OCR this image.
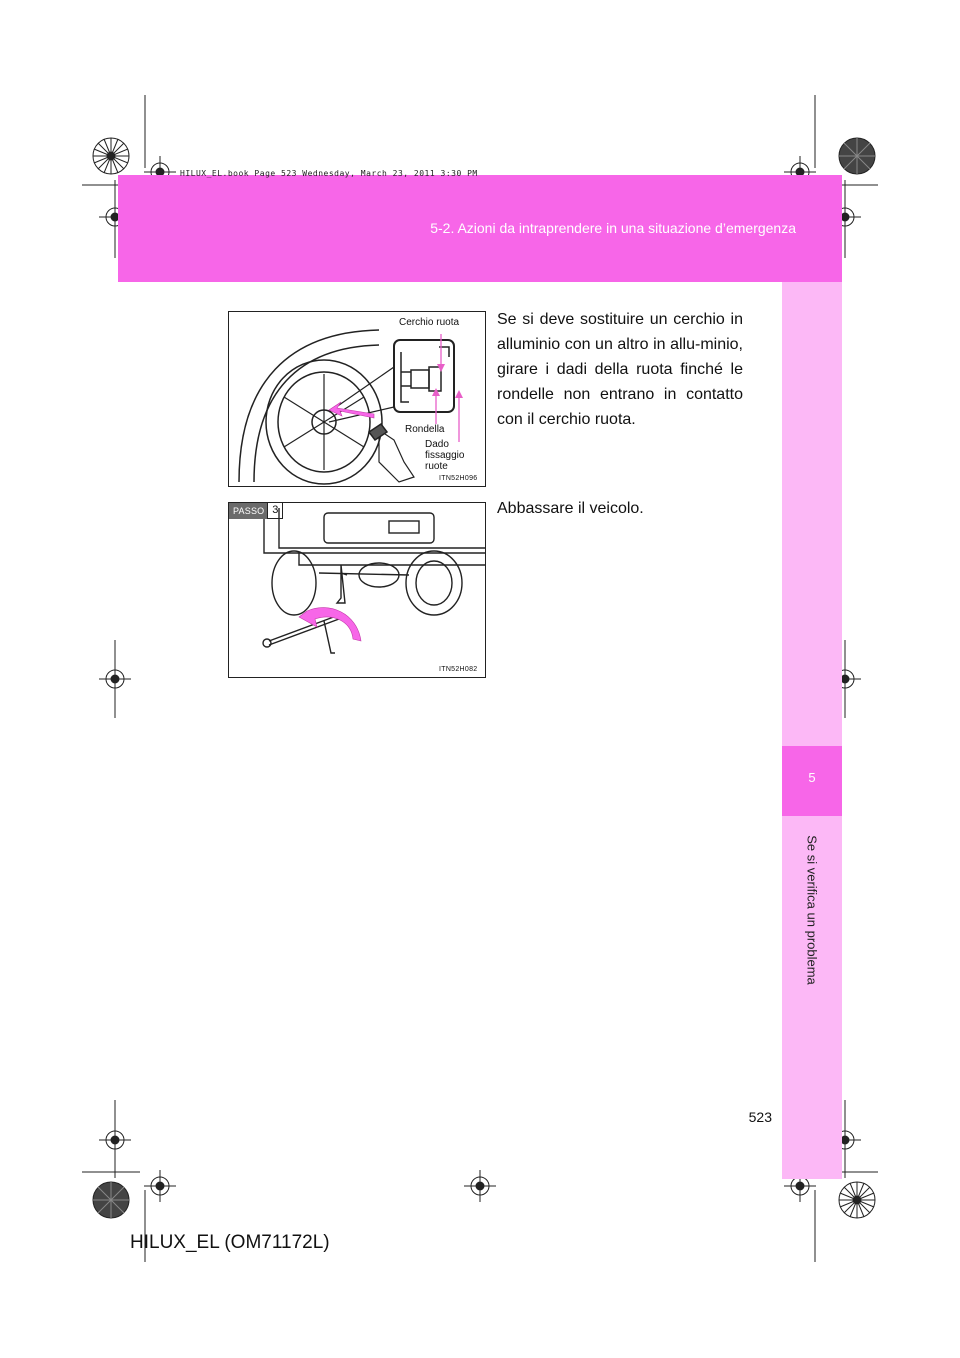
HILUX_EL.book Page 523 Wednesday, March 23, 2011 3:30 PM
5-2. Azioni da intraprendere in una situazione d’emergenza
5
Se si verifica un problema
Cerchio ruota
Rondella
Dado
fissaggio
ruote
ITN52H096
Se si deve sostituire un cerchio in alluminio con un altro in allu-minio, girare i dadi della ruota finché le rondelle non entrano in contatto con il cerchio ruota.
PASSO 3
ITN52H082
Abbassare il veicolo.
523
HILUX_EL (OM71172L)
